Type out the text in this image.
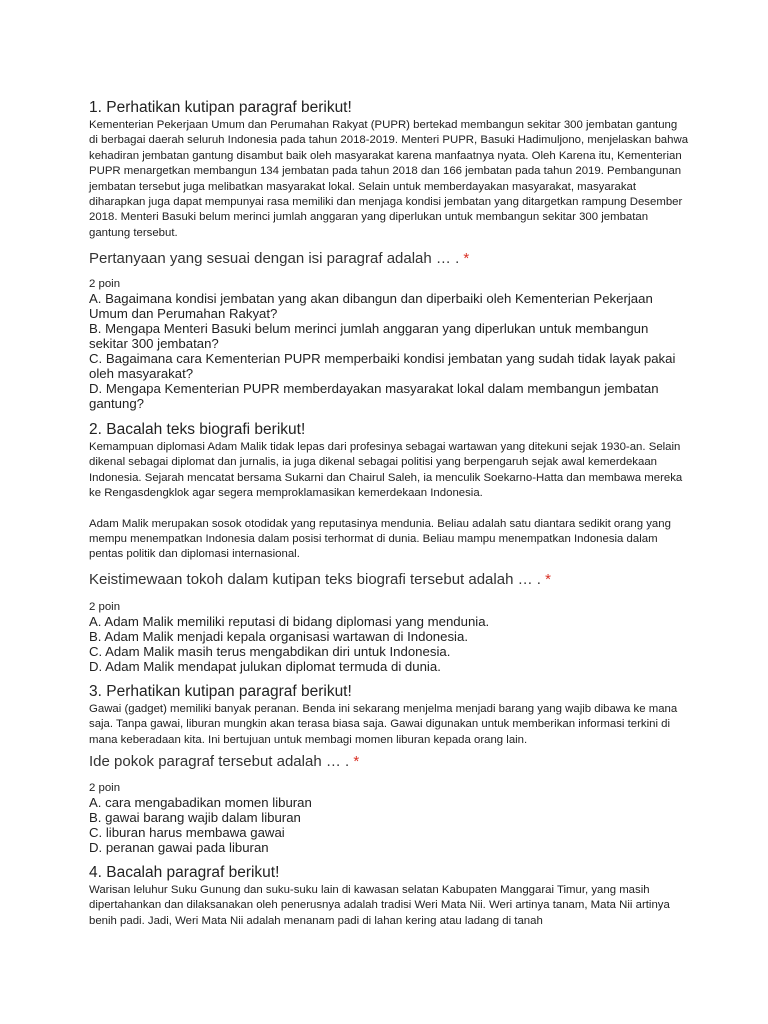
1. Perhatikan kutipan paragraf berikut!

Kementerian Pekerjaan Umum dan Perumahan Rakyat (PUPR) bertekad membangun sekitar 300 jembatan gantung di berbagai daerah seluruh Indonesia pada tahun 2018-2019. Menteri PUPR, Basuki Hadimuljono, menjelaskan bahwa kehadiran jembatan gantung disambut baik oleh masyarakat karena manfaatnya nyata. Oleh Karena itu, Kementerian PUPR menargetkan membangun 134 jembatan pada tahun 2018 dan 166 jembatan pada tahun 2019. Pembangunan jembatan tersebut juga melibatkan masyarakat lokal. Selain untuk memberdayakan masyarakat, masyarakat diharapkan juga dapat mempunyai rasa memiliki dan menjaga kondisi jembatan yang ditargetkan rampung Desember 2018. Menteri Basuki belum merinci jumlah anggaran yang diperlukan untuk membangun sekitar 300 jembatan gantung tersebut.

Pertanyaan yang sesuai dengan isi paragraf adalah … . *

2 poin

A. Bagaimana kondisi jembatan yang akan dibangun dan diperbaiki oleh Kementerian Pekerjaan Umum dan Perumahan Rakyat?
B. Mengapa Menteri Basuki belum merinci jumlah anggaran yang diperlukan untuk membangun sekitar 300 jembatan?
C. Bagaimana cara Kementerian PUPR memperbaiki kondisi jembatan yang sudah tidak layak pakai oleh masyarakat?
D. Mengapa Kementerian PUPR memberdayakan masyarakat lokal dalam membangun jembatan gantung?
2. Bacalah teks biografi berikut!

Kemampuan diplomasi Adam Malik tidak lepas dari profesinya sebagai wartawan yang ditekuni sejak 1930-an. Selain dikenal sebagai diplomat dan jurnalis, ia juga dikenal sebagai politisi yang berpengaruh sejak awal kemerdekaan Indonesia. Sejarah mencatat bersama Sukarni dan Chairul Saleh, ia menculik Soekarno-Hatta dan membawa mereka ke Rengasdengklok agar segera memproklamasikan kemerdekaan Indonesia.

Adam Malik merupakan sosok otodidak yang reputasinya mendunia. Beliau adalah satu diantara sedikit orang yang mempu menempatkan Indonesia dalam posisi terhormat di dunia. Beliau mampu menempatkan Indonesia dalam pentas politik dan diplomasi internasional.

Keistimewaan tokoh dalam kutipan teks biografi tersebut adalah … . *

2 poin

A. Adam Malik memiliki reputasi di bidang diplomasi yang mendunia.
B. Adam Malik menjadi kepala organisasi wartawan di Indonesia.
C. Adam Malik masih terus mengabdikan diri untuk Indonesia.
D. Adam Malik mendapat julukan diplomat termuda di dunia.
3. Perhatikan kutipan paragraf berikut!

Gawai (gadget) memiliki banyak peranan. Benda ini sekarang menjelma menjadi barang yang wajib dibawa ke mana saja. Tanpa gawai, liburan mungkin akan terasa biasa saja. Gawai digunakan untuk memberikan informasi terkini di mana keberadaan kita. Ini bertujuan untuk membagi momen liburan kepada orang lain.

Ide pokok paragraf tersebut adalah … . *

2 poin

A. cara mengabadikan momen liburan
B. gawai barang wajib dalam liburan
C. liburan harus membawa gawai
D. peranan gawai pada liburan
4. Bacalah paragraf berikut!

Warisan leluhur Suku Gunung dan suku-suku lain di kawasan selatan Kabupaten Manggarai Timur, yang masih dipertahankan dan dilaksanakan oleh penerusnya adalah tradisi Weri Mata Nii. Weri artinya tanam, Mata Nii artinya benih padi. Jadi, Weri Mata Nii adalah menanam padi di lahan kering atau ladang di tanah
